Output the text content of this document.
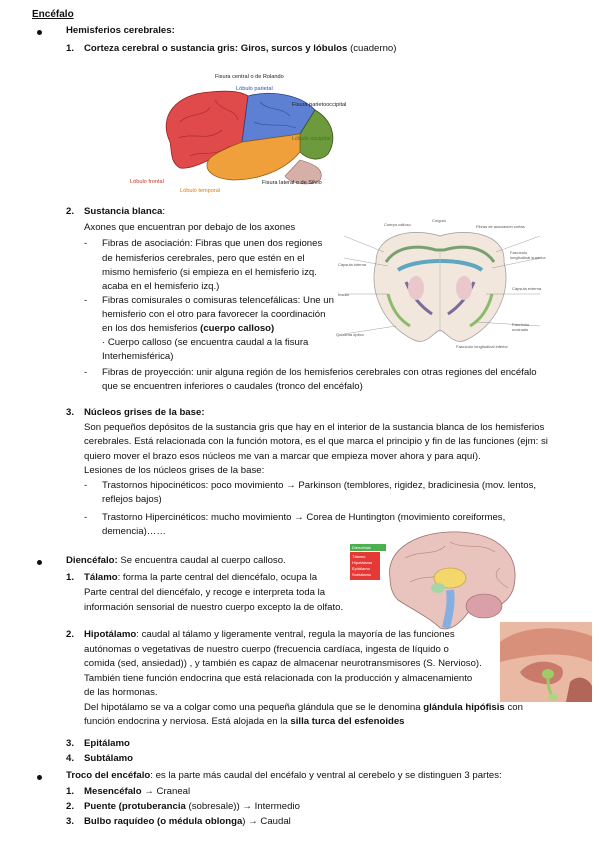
Encéfalo
Hemisferios cerebrales:
1. Corteza cerebral o sustancia gris: Giros, surcos y lóbulos (cuaderno)
Fisura central o de Rolando
Lóbulo parietal
Fisura parietooccipital
Lóbulo occipital
Lóbulo frontal
Lóbulo temporal
Fisura lateral o de Silvio
2. Sustancia blanca:
Axones que encuentran por debajo de los axones
- Fibras de asociación: Fibras que unen dos regiones
de hemisferios cerebrales, pero que estén en el
mismo hemisferio (si empieza en el hemisferio izq.
acaba en el hemisferio izq.)
- Fibras comisurales o comisuras telencefálicas: Une un
hemisferio con el otro para favorecer la coordinación
en los dos hemisferios (cuerpo calloso)
· Cuerpo calloso (se encuentra caudal a la fisura
Interhemisférica)
- Fibras de proyección: unir alguna región de los hemisferios cerebrales con otras regiones del encéfalo
que se encuentren inferiores o caudales (tronco del encéfalo)
Cuerpo calloso
Cíngulo
Fibras de asociación cortas
Fascículo longitudinal superior
Cápsula interna
Ínsula
Cápsula externa
Fascículo uncinado
Fascículo longitudinal inferior
Quiasma óptico
3. Núcleos grises de la base:
Son pequeños depósitos de la sustancia gris que hay en el interior de la sustancia blanca de los hemisferios
cerebrales. Está relacionada con la función motora, es el que marca el principio y fin de las funciones (ejm: si
quiero mover el brazo esos núcleos me van a marcar que empieza mover ahora y para aquí).
Lesiones de los núcleos grises de la base:
- Trastornos hipocinéticos: poco movimiento → Parkinson (temblores, rigidez, bradicinesia (mov. lentos,
reflejos bajos)
- Trastorno Hipercinéticos: mucho movimiento → Corea de Huntington (movimiento coreiformes,
demencia)……
Diencéfalo: Se encuentra caudal al cuerpo calloso.
1. Tálamo: forma la parte central del diencéfalo, ocupa la
Parte central del diencéfalo, y recoge e interpreta toda la
información sensorial de nuestro cuerpo excepto la de olfato.
Diencéfalo
Tálamo
Hipotálamo
Epitálamo
Subtálamo
2. Hipotálamo: caudal al tálamo y ligeramente ventral, regula la mayoría de las funciones
autónomas o vegetativas de nuestro cuerpo (frecuencia cardíaca, ingesta de líquido o
comida (sed, ansiedad)) , y también es capaz de almacenar neurotransmisores (S. Nervioso).
También tiene función endocrina que está relacionada con la producción y almacenamiento
de las hormonas.
Del hipotálamo se va a colgar como una pequeña glándula que se le denomina glándula hipófisis con
función endocrina y nerviosa. Está alojada en la silla turca del esfenoides
3. Epitálamo
4. Subtálamo
Troco del encéfalo: es la parte más caudal del encéfalo y ventral al cerebelo y se distinguen 3 partes:
1. Mesencéfalo → Craneal
2. Puente (protuberancia (sobresale)) → Intermedio
3. Bulbo raquídeo (o médula oblonga) → Caudal
